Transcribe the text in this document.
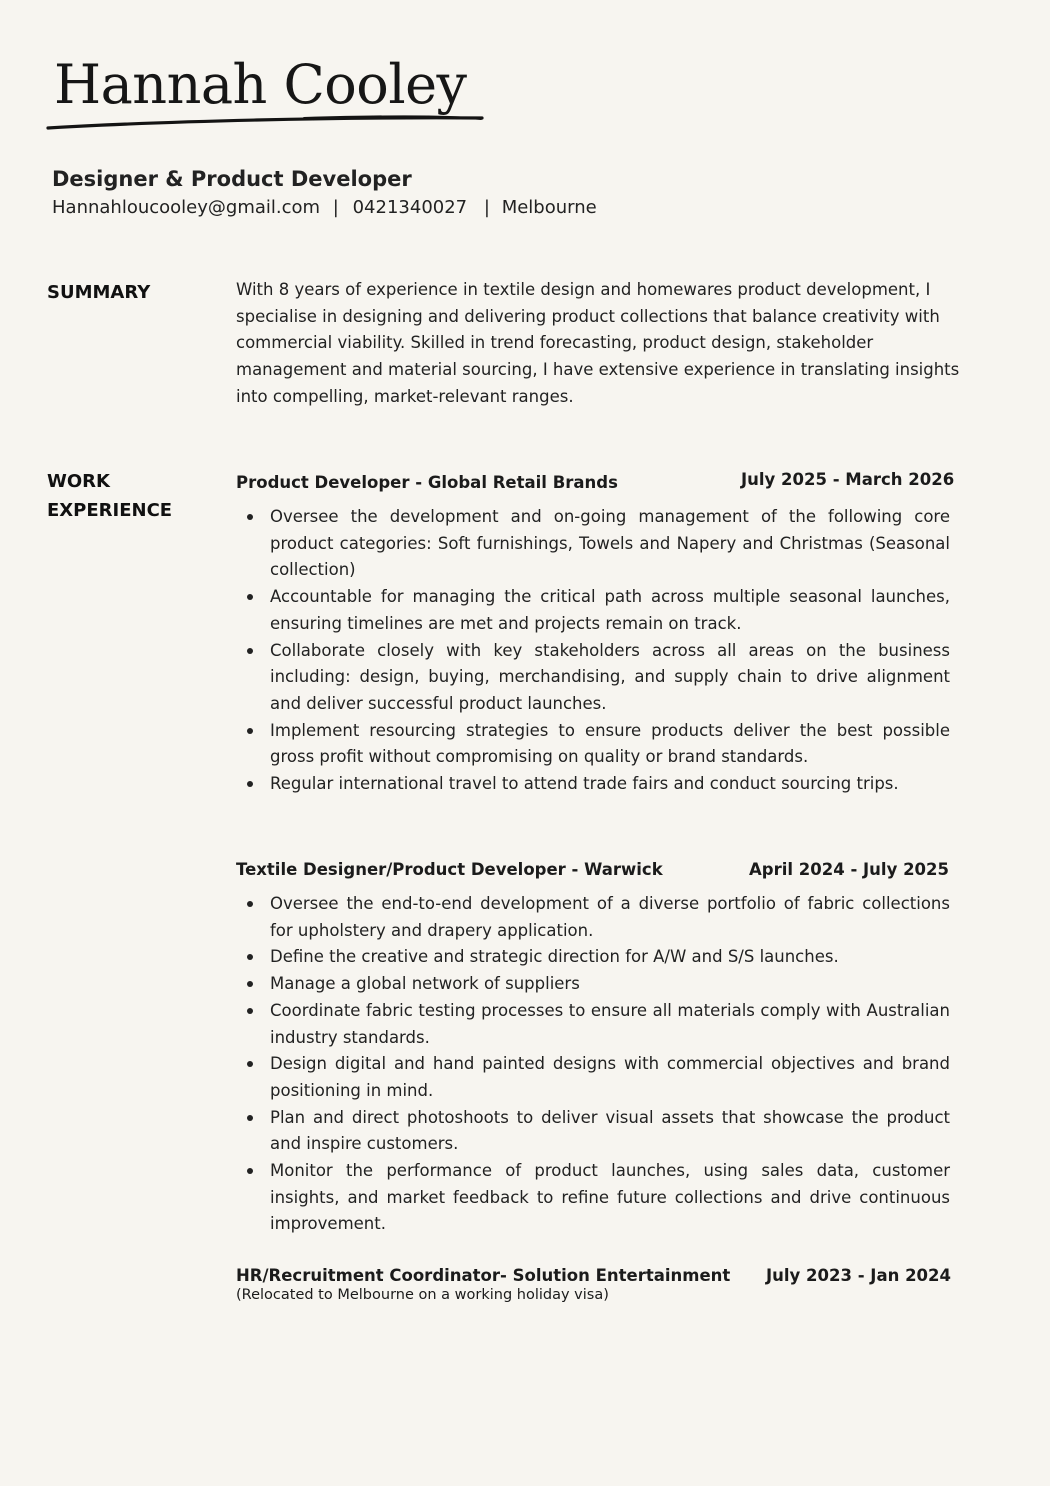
Hannah Cooley
Designer & Product Developer
Hannahloucooley@gmail.com | 0421340027 | Melbourne
SUMMARY	With 8 years of experience in textile design and homewares product development, I specialise in designing and delivering product collections that balance creativity with commercial viability. Skilled in trend forecasting, product design, stakeholder management and material sourcing, I have extensive experience in translating insights into compelling, market-relevant ranges.
WORK
EXPERIENCE
Product Developer - Global Retail Brands	July 2025 - March 2026
Oversee the development and on-going management of the following core product categories: Soft furnishings, Towels and Napery and Christmas (Seasonal collection)
Accountable for managing the critical path across multiple seasonal launches, ensuring timelines are met and projects remain on track.
Collaborate closely with key stakeholders across all areas on the business including: design, buying, merchandising, and supply chain to drive alignment and deliver successful product launches.
Implement resourcing strategies to ensure products deliver the best possible gross profit without compromising on quality or brand standards.
Regular international travel to attend trade fairs and conduct sourcing trips.
Textile Designer/Product Developer - Warwick	April 2024 - July 2025
Oversee the end-to-end development of a diverse portfolio of fabric collections for upholstery and drapery application.
Define the creative and strategic direction for A/W and S/S launches.
Manage a global network of suppliers
Coordinate fabric testing processes to ensure all materials comply with Australian industry standards.
Design digital and hand painted designs with commercial objectives and brand positioning in mind.
Plan and direct photoshoots to deliver visual assets that showcase the product and inspire customers.
Monitor the performance of product launches, using sales data, customer insights, and market feedback to refine future collections and drive continuous improvement.
HR/Recruitment Coordinator- Solution Entertainment July 2023 - Jan 2024
(Relocated to Melbourne on a working holiday visa)
